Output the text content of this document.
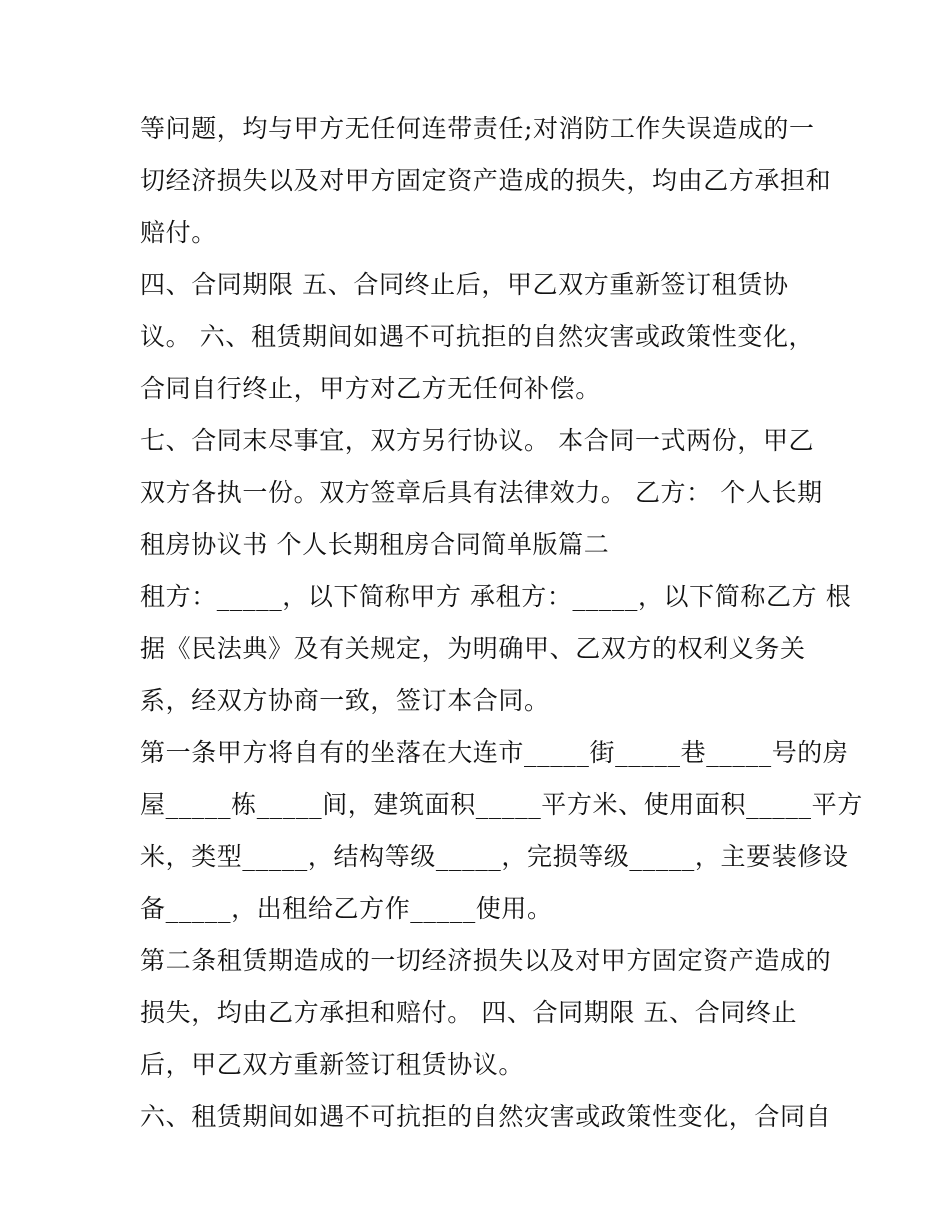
等问题，均与甲方无任何连带责任;对消防工作失误造成的一
切经济损失以及对甲方固定资产造成的损失，均由乙方承担和
赔付。
四、合同期限 五、合同终止后，甲乙双方重新签订租赁协
议。 六、租赁期间如遇不可抗拒的自然灾害或政策性变化，
合同自行终止，甲方对乙方无任何补偿。
七、合同末尽事宜，双方另行协议。 本合同一式两份，甲乙
双方各执一份。双方签章后具有法律效力。 乙方： 个人长期
租房协议书 个人长期租房合同简单版篇二
租方：_____，以下简称甲方 承租方：_____，以下简称乙方 根
据《民法典》及有关规定，为明确甲、乙双方的权利义务关
系，经双方协商一致，签订本合同。
第一条甲方将自有的坐落在大连市_____街_____巷_____号的房
屋_____栋_____间，建筑面积_____平方米、使用面积_____平方
米，类型_____，结构等级_____，完损等级_____，主要装修设
备_____，出租给乙方作_____使用。
第二条租赁期造成的一切经济损失以及对甲方固定资产造成的
损失，均由乙方承担和赔付。 四、合同期限 五、合同终止
后，甲乙双方重新签订租赁协议。
六、租赁期间如遇不可抗拒的自然灾害或政策性变化，合同自
